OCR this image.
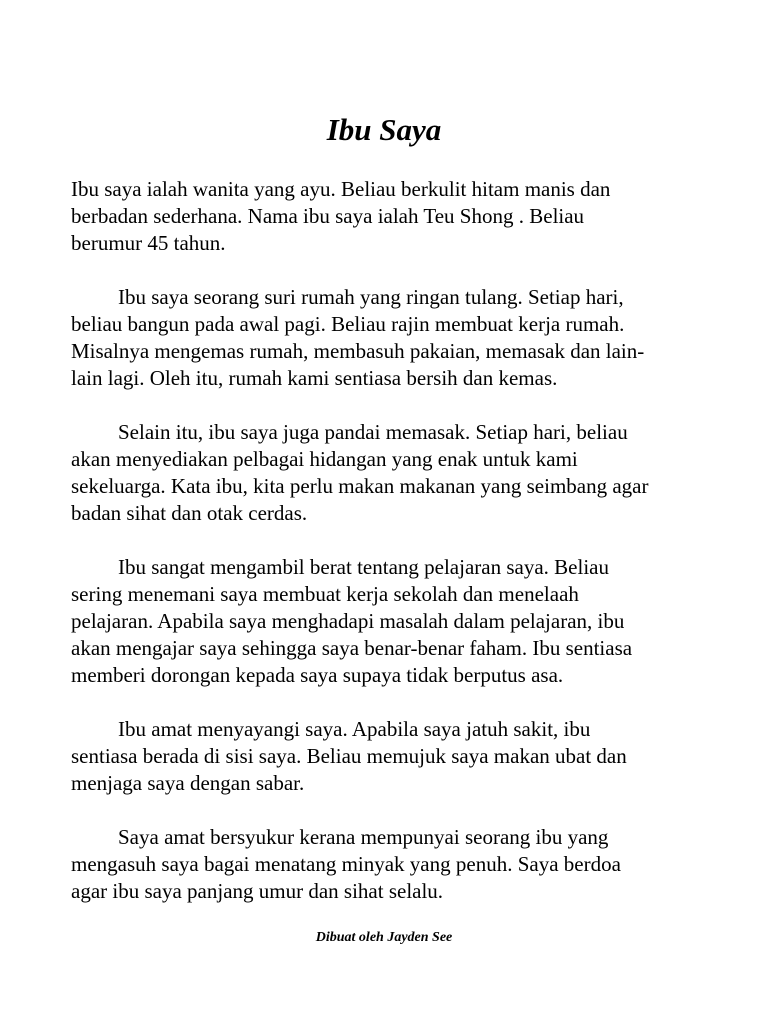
Ibu Saya

Ibu saya ialah wanita yang ayu. Beliau berkulit hitam manis dan
berbadan sederhana. Nama ibu saya ialah Teu Shong . Beliau
berumur 45 tahun.

Ibu saya seorang suri rumah yang ringan tulang. Setiap hari,
beliau bangun pada awal pagi. Beliau rajin membuat kerja rumah.
Misalnya mengemas rumah, membasuh pakaian, memasak dan lain-
lain lagi. Oleh itu, rumah kami sentiasa bersih dan kemas.

Selain itu, ibu saya juga pandai memasak. Setiap hari, beliau
akan menyediakan pelbagai hidangan yang enak untuk kami
sekeluarga. Kata ibu, kita perlu makan makanan yang seimbang agar
badan sihat dan otak cerdas.

Ibu sangat mengambil berat tentang pelajaran saya. Beliau
sering menemani saya membuat kerja sekolah dan menelaah
pelajaran. Apabila saya menghadapi masalah dalam pelajaran, ibu
akan mengajar saya sehingga saya benar-benar faham. Ibu sentiasa
memberi dorongan kepada saya supaya tidak berputus asa.

Ibu amat menyayangi saya. Apabila saya jatuh sakit, ibu
sentiasa berada di sisi saya. Beliau memujuk saya makan ubat dan
menjaga saya dengan sabar.

Saya amat bersyukur kerana mempunyai seorang ibu yang
mengasuh saya bagai menatang minyak yang penuh. Saya berdoa
agar ibu saya panjang umur dan sihat selalu.

Dibuat oleh Jayden See
